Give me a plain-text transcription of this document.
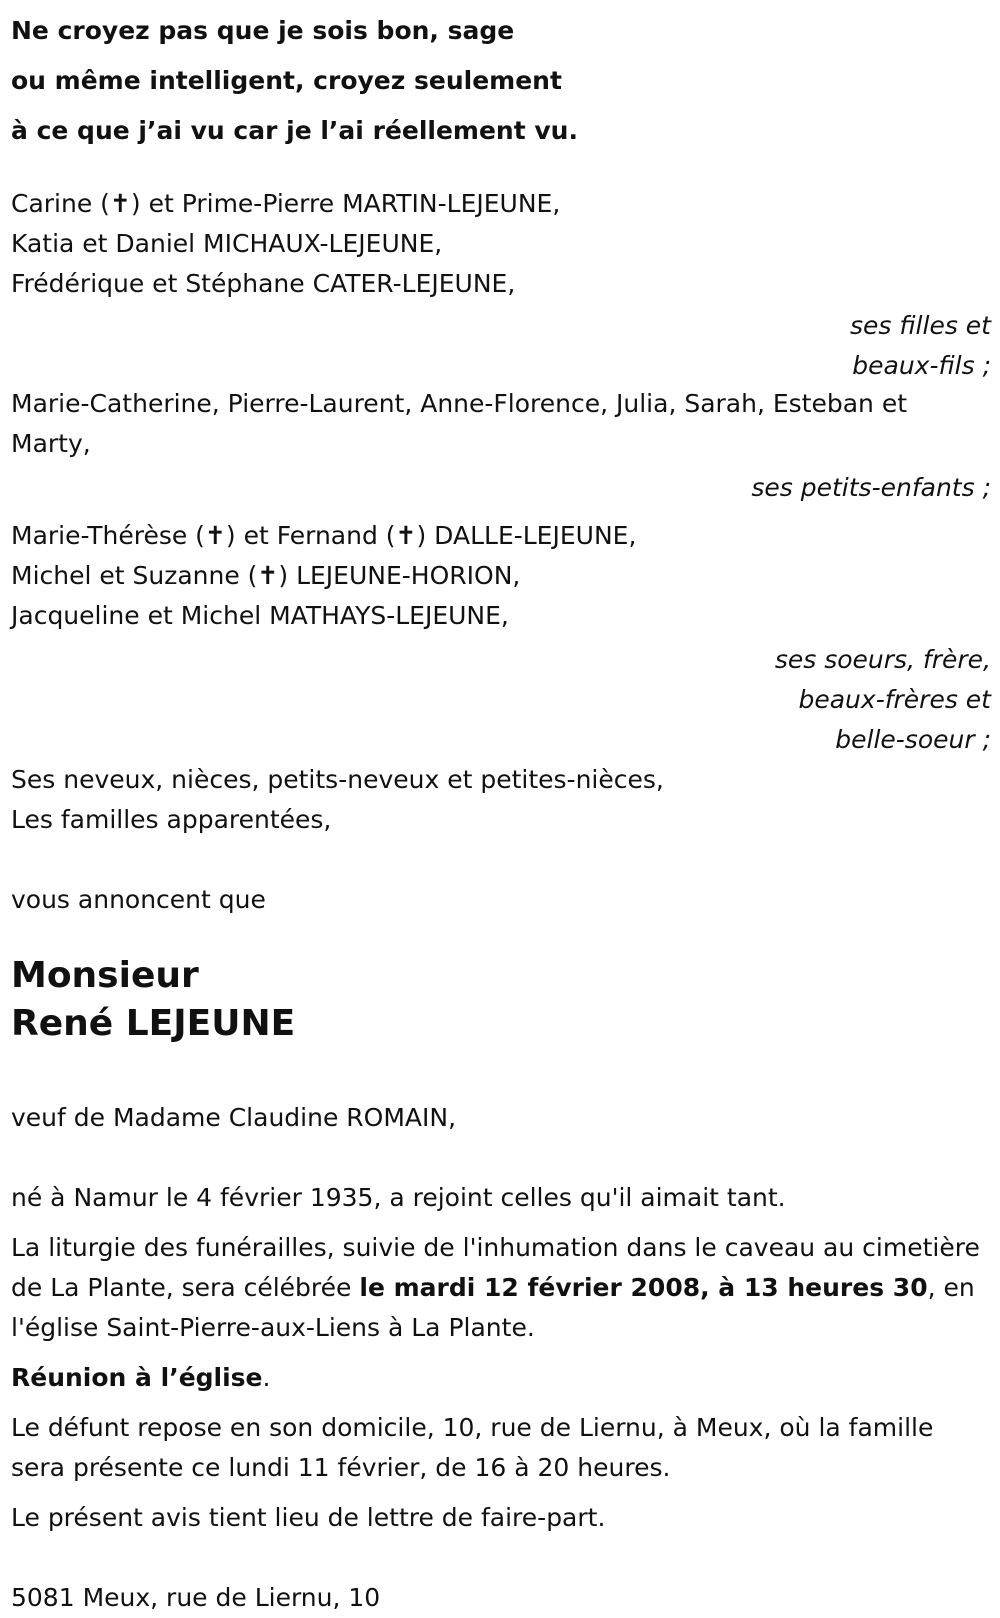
Ne croyez pas que je sois bon, sage
ou même intelligent, croyez seulement
à ce que j’ai vu car je l’ai réellement vu.
Carine (✝) et Prime-Pierre MARTIN-LEJEUNE,
Katia et Daniel MICHAUX-LEJEUNE,
Frédérique et Stéphane CATER-LEJEUNE,
ses filles et
beaux-fils ;
Marie-Catherine, Pierre-Laurent, Anne-Florence, Julia, Sarah, Esteban et Marty,
ses petits-enfants ;
Marie-Thérèse (✝) et Fernand (✝) DALLE-LEJEUNE,
Michel et Suzanne (✝) LEJEUNE-HORION,
Jacqueline et Michel MATHAYS-LEJEUNE,
ses soeurs, frère,
beaux-frères et
belle-soeur ;
Ses neveux, nièces, petits-neveux et petites-nièces,
Les familles apparentées,
vous annoncent que
Monsieur
René LEJEUNE
veuf de Madame Claudine ROMAIN,
né à Namur le 4 février 1935, a rejoint celles qu'il aimait tant.
La liturgie des funérailles, suivie de l'inhumation dans le caveau au cimetière de La Plante, sera célébrée le mardi 12 février 2008, à 13 heures 30, en l'église Saint-Pierre-aux-Liens à La Plante.
Réunion à l’église.
Le défunt repose en son domicile, 10, rue de Liernu, à Meux, où la famille sera présente ce lundi 11 février, de 16 à 20 heures.
Le présent avis tient lieu de lettre de faire-part.
5081 Meux, rue de Liernu, 10
